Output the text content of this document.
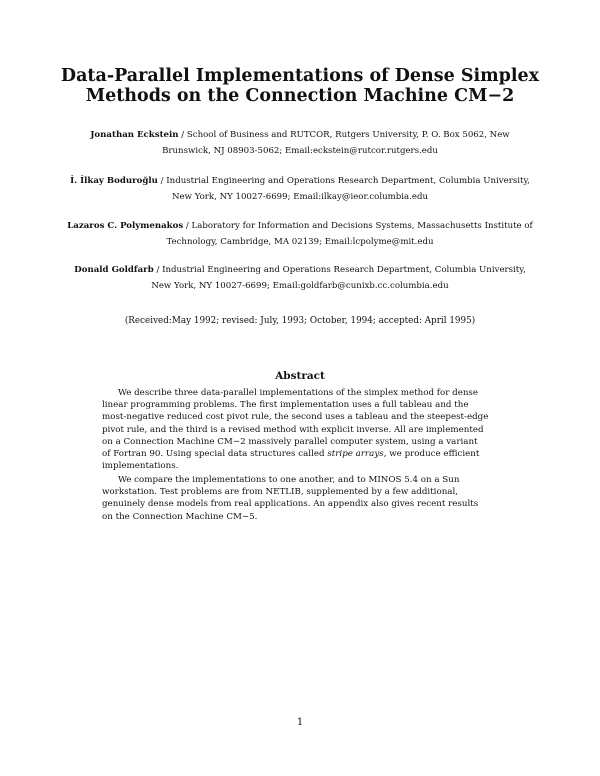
Data-Parallel Implementations of Dense Simplex
Methods on the Connection Machine CM−2
Jonathan Eckstein / School of Business and RUTCOR, Rutgers University, P. O. Box 5062, New
Brunswick, NJ 08903-5062; Email:eckstein@rutcor.rutgers.edu
İ. İlkay Boduroğlu / Industrial Engineering and Operations Research Department, Columbia University,
New York, NY 10027-6699; Email:ilkay@ieor.columbia.edu
Lazaros C. Polymenakos / Laboratory for Information and Decisions Systems, Massachusetts Institute of
Technology, Cambridge, MA 02139; Email:lcpolyme@mit.edu
Donald Goldfarb / Industrial Engineering and Operations Research Department, Columbia University,
New York, NY 10027-6699; Email:goldfarb@cunixb.cc.columbia.edu
(Received:May 1992; revised: July, 1993; October, 1994; accepted: April 1995)
Abstract
We describe three data-parallel implementations of the simplex method for dense
linear programming problems. The first implementation uses a full tableau and the
most-negative reduced cost pivot rule, the second uses a tableau and the steepest-edge
pivot rule, and the third is a revised method with explicit inverse. All are implemented
on a Connection Machine CM−2 massively parallel computer system, using a variant
of Fortran 90. Using special data structures called stripe arrays, we produce efficient
implementations.
We compare the implementations to one another, and to MINOS 5.4 on a Sun
workstation. Test problems are from NETLIB, supplemented by a few additional,
genuinely dense models from real applications. An appendix also gives recent results
on the Connection Machine CM−5.
1
